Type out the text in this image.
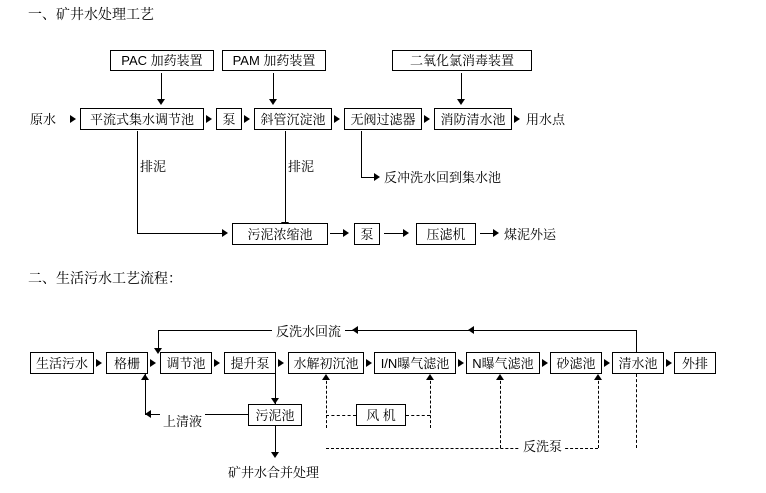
一、矿井水处理工艺
PAC 加药装置	PAM 加药装置	二氧化氯消毒装置
原水	平流式集水调节池	泵	斜管沉淀池	无阀过滤器	消防清水池	用水点
排泥	排泥
反冲洗水回到集水池
污泥浓缩池	泵	压滤机	煤泥外运
二、生活污水工艺流程：
生活污水	格栅	调节池	提升泵	水解初沉池	I/N曝气滤池	N曝气滤池	砂滤池	清水池	外排
反洗水回流
上清液	污泥池
矿井水合并处理
风 机
反洗泵
